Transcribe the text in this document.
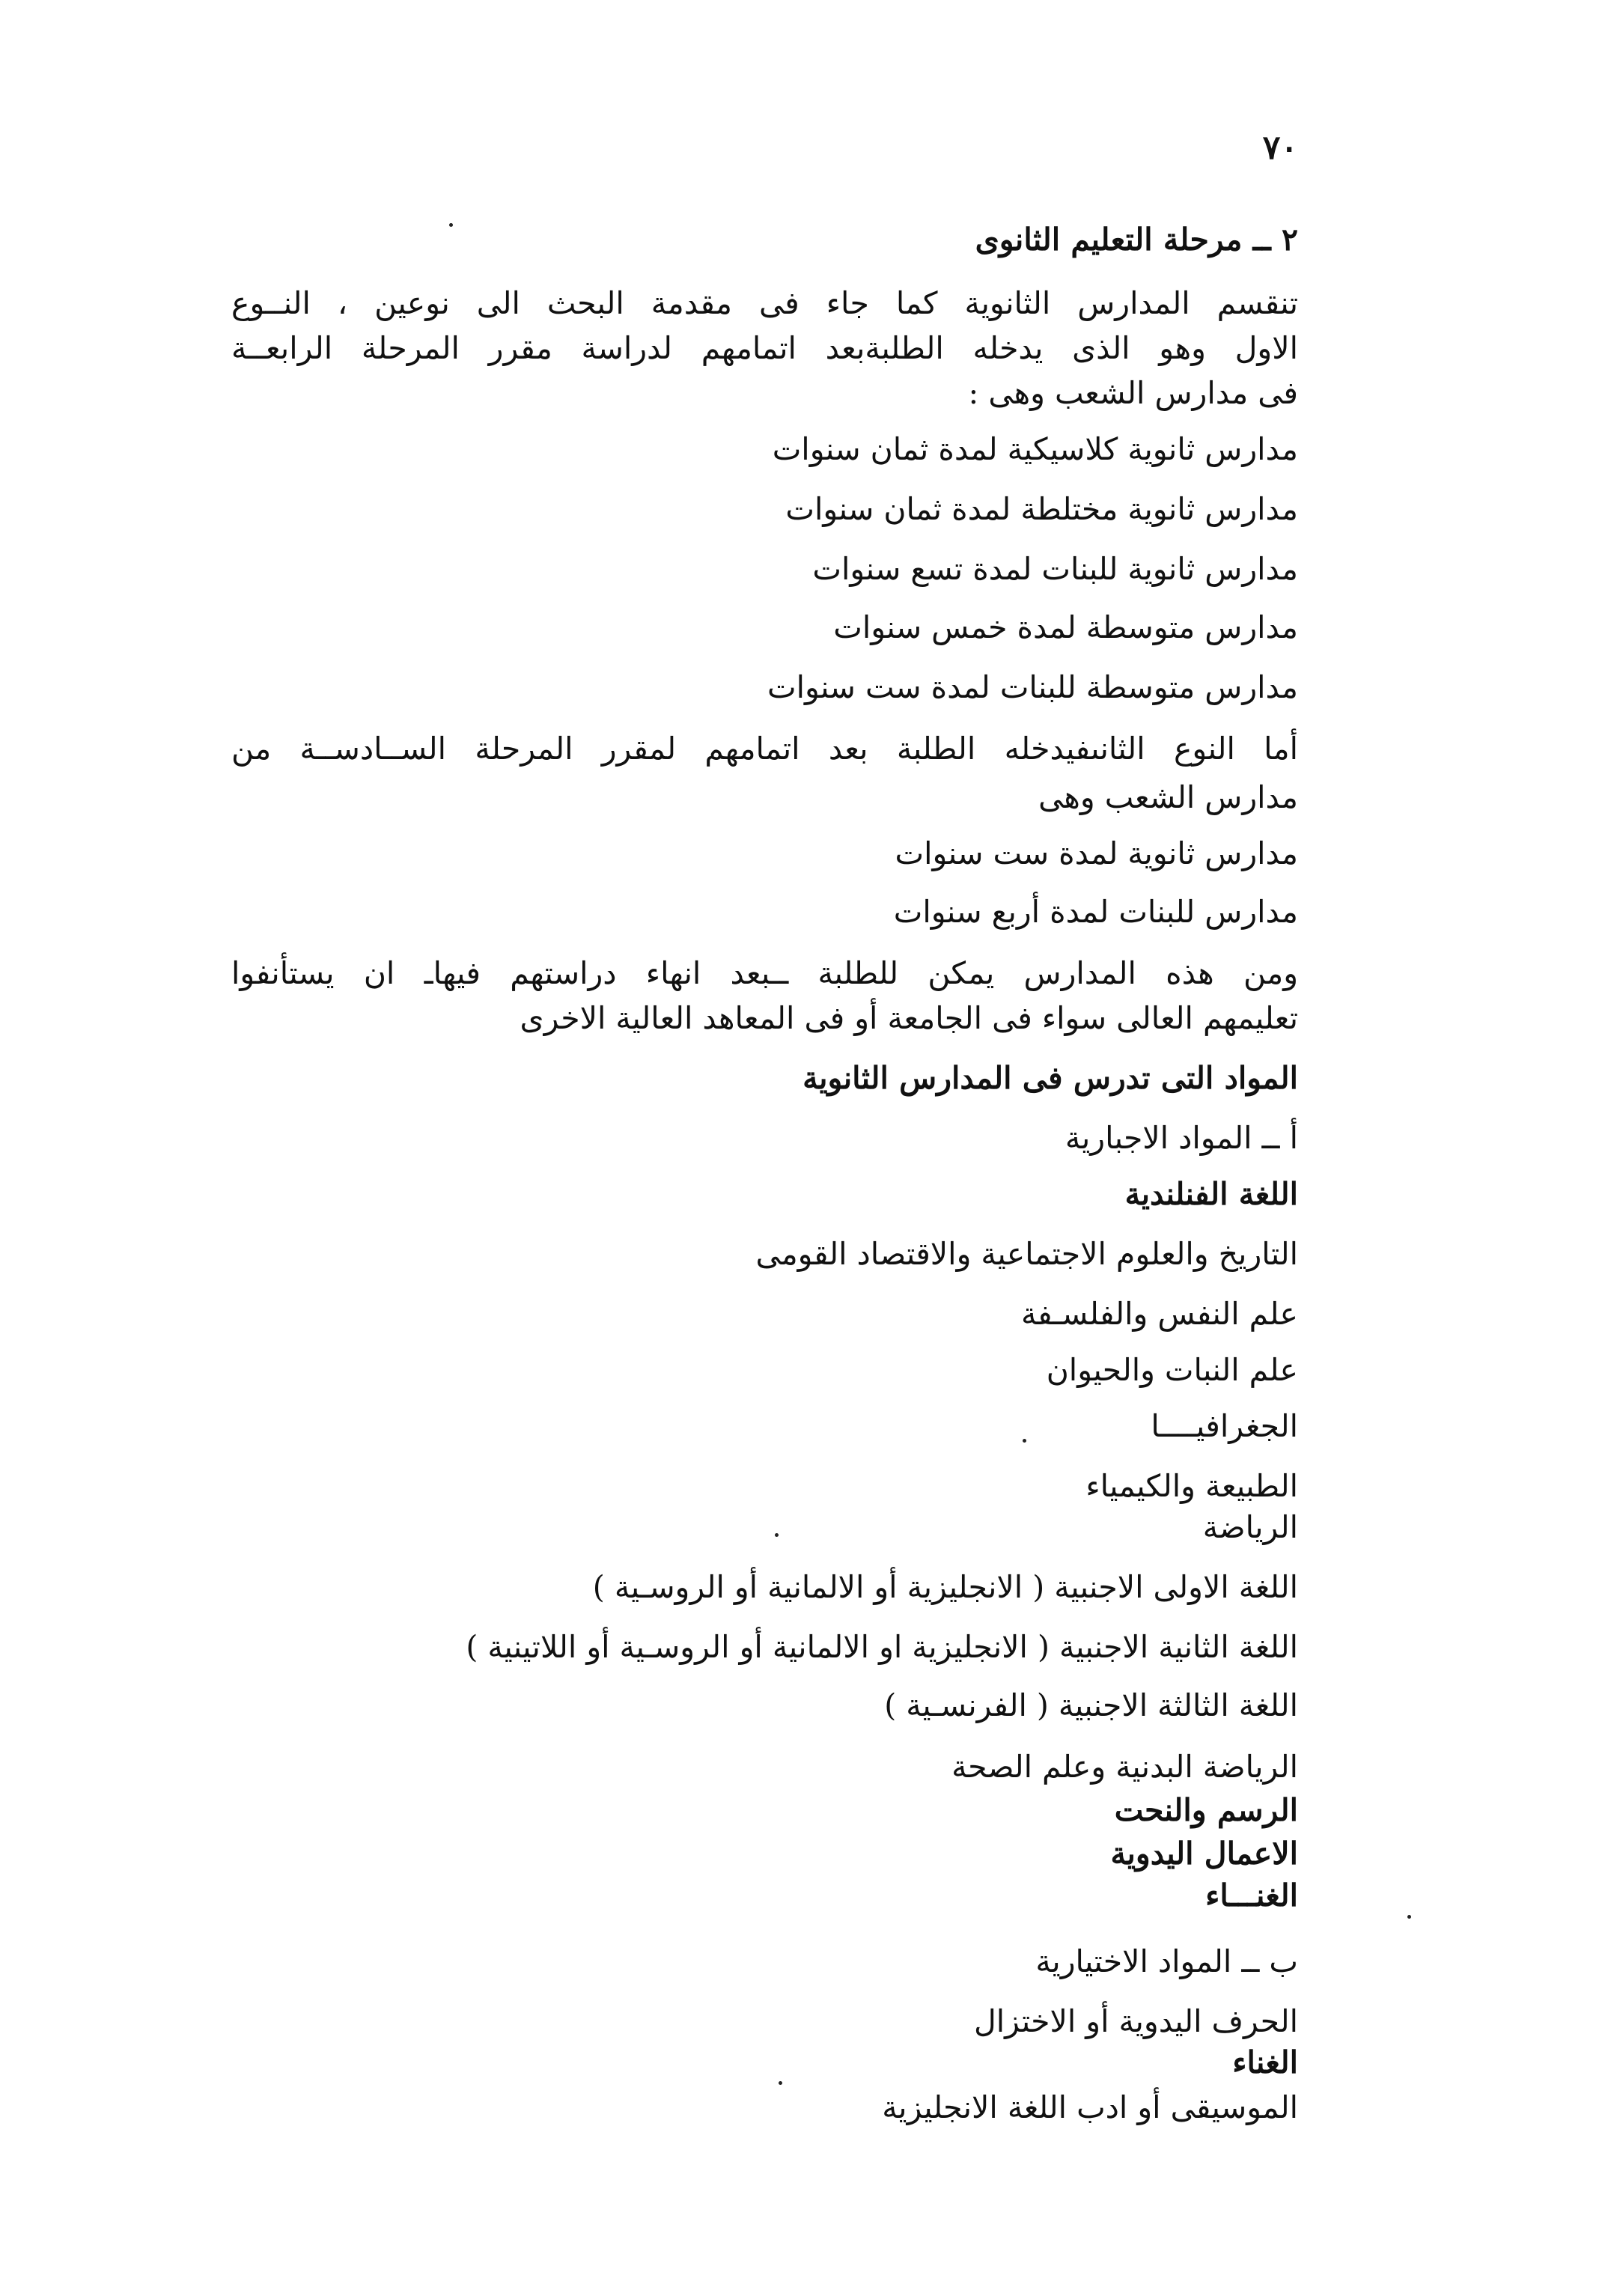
٧٠
٢ ــ مرحلة التعليم الثانوى
تنقسم المدارس الثانوية كما جاء فى مقدمة البحث الى نوعين ، النــوع
الاول وهو الذى يدخله الطلبةبعد اتمامهم لدراسة مقرر المرحلة الرابعــة
فى مدارس الشعب وهى :
مدارس ثانوية كلاسيكية لمدة ثمان سنوات
مدارس ثانوية مختلطة لمدة ثمان سنوات
مدارس ثانوية للبنات لمدة تسع سنوات
مدارس متوسطة لمدة خمس سنوات
مدارس متوسطة للبنات لمدة ست سنوات
أما النوع الثانىفيدخله الطلبة بعد اتمامهم لمقرر المرحلة الســادســة من
مدارس الشعب وهى
مدارس ثانوية لمدة ست سنوات
مدارس للبنات لمدة أربع سنوات
ومن هذه المدارس يمكن للطلبة ــبعد انهاء دراستهم فيهاـ ان يستأنفوا
تعليمهم العالى سواء فى الجامعة أو فى المعاهد العالية الاخرى
المواد التى تدرس فى المدارس الثانوية
أ ــ المواد الاجبارية
اللغة الفنلندية
التاريخ والعلوم الاجتماعية والاقتصاد القومى
علم النفس والفلسـفة
علم النبات والحيوان
الجغرافيــــا
الطبيعة والكيمياء
الرياضة
اللغة الاولى الاجنبية ( الانجليزية أو الالمانية أو الروسـية )
اللغة الثانية الاجنبية ( الانجليزية او الالمانية أو الروسـية أو اللاتينية )
اللغة الثالثة الاجنبية ( الفرنسـية )
الرياضة البدنية وعلم الصحة
الرسم والنحت
الاعمال اليدوية
الغنـــاء
ب ــ المواد الاختيارية
الحرف اليدوية أو الاختزال
الغناء
الموسيقى أو ادب اللغة الانجليزية
